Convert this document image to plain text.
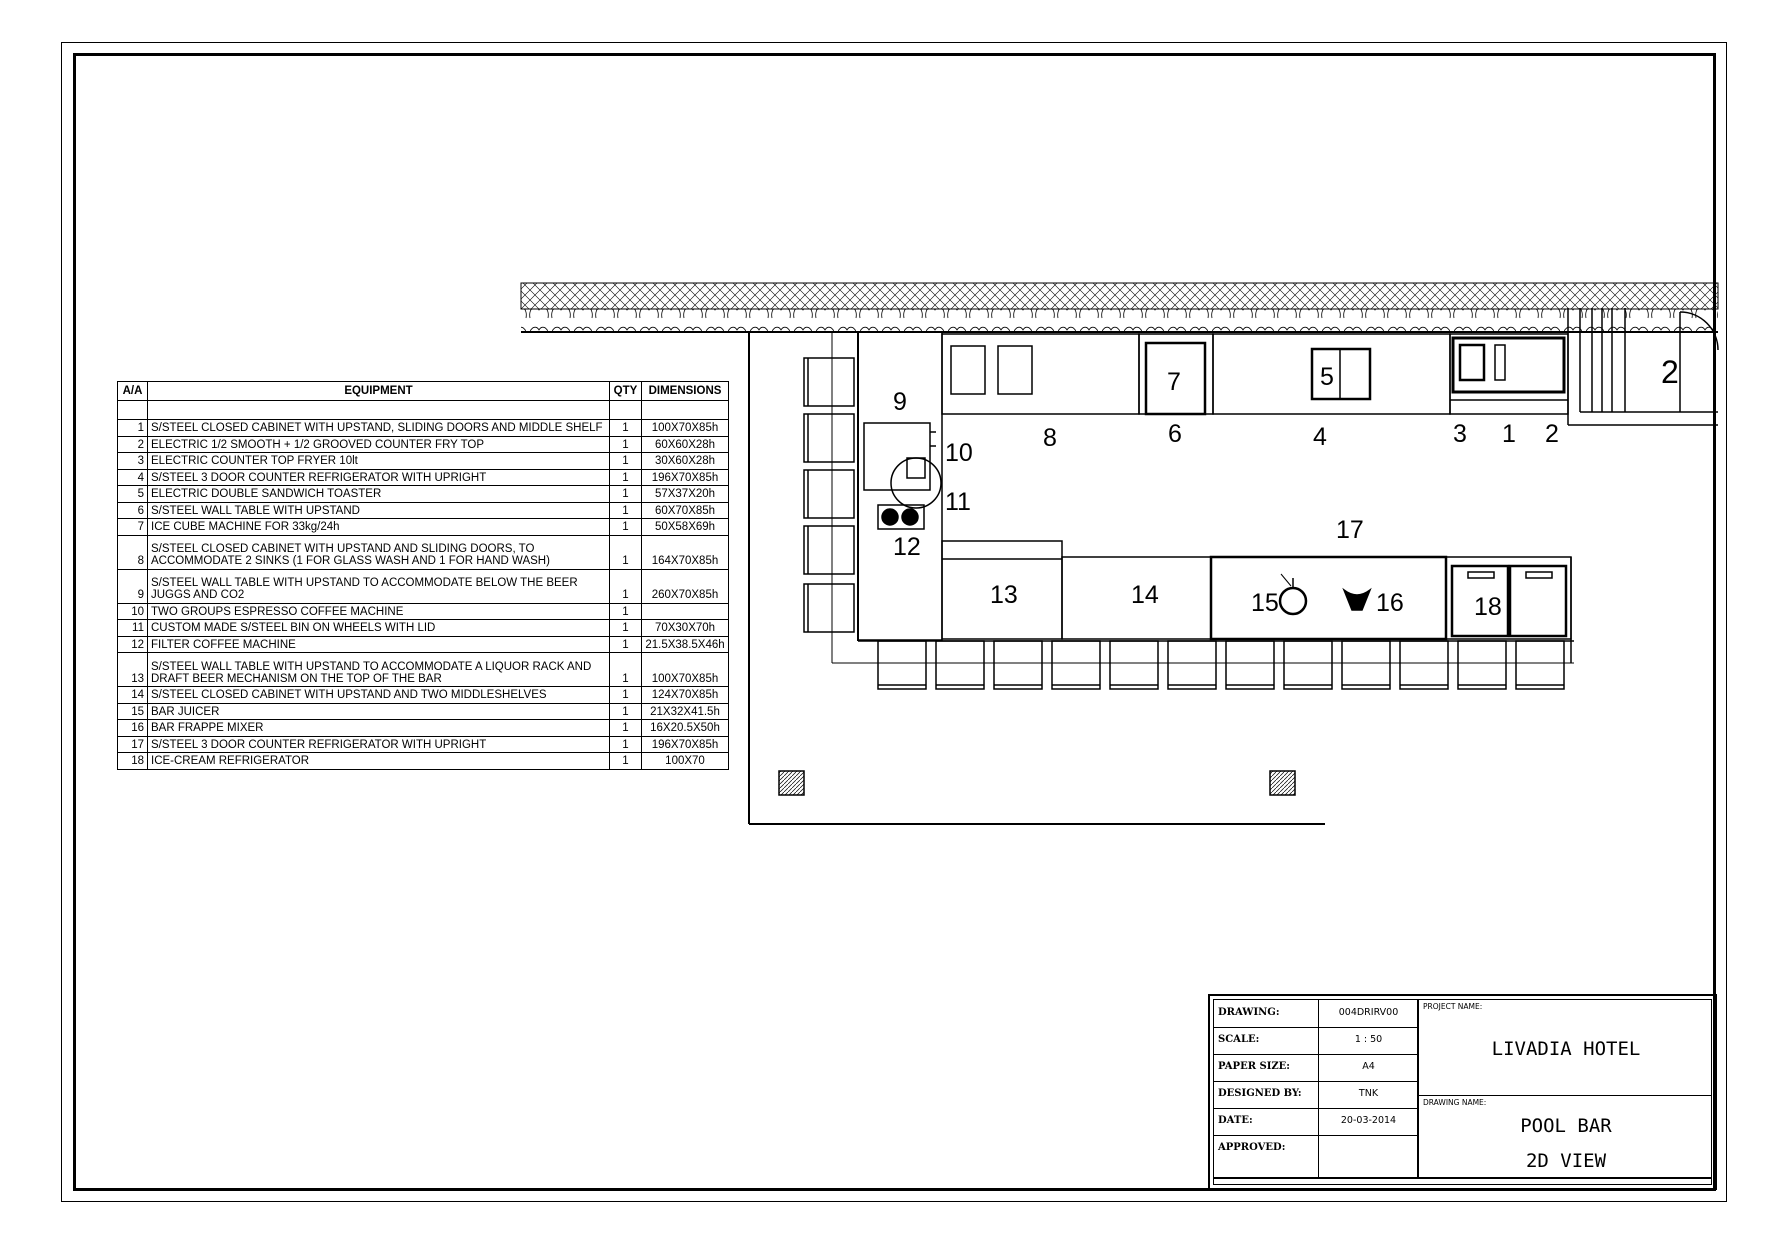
A/A	EQUIPMENT	QTY	DIMENSIONS

1	S/STEEL CLOSED CABINET WITH UPSTAND, SLIDING DOORS AND MIDDLE SHELF	1	100X70X85h
2	ELECTRIC 1/2 SMOOTH + 1/2 GROOVED COUNTER FRY TOP	1	60X60X28h
3	ELECTRIC COUNTER TOP FRYER 10lt	1	30X60X28h
4	S/STEEL 3 DOOR COUNTER REFRIGERATOR WITH UPRIGHT	1	196X70X85h
5	ELECTRIC DOUBLE SANDWICH TOASTER	1	57X37X20h
6	S/STEEL WALL TABLE WITH UPSTAND	1	60X70X85h
7	ICE CUBE MACHINE FOR 33kg/24h	1	50X58X69h
8	S/STEEL CLOSED CABINET WITH UPSTAND AND SLIDING DOORS, TO
ACCOMMODATE 2 SINKS (1 FOR GLASS WASH AND 1 FOR HAND WASH)	1	164X70X85h
9	S/STEEL WALL TABLE WITH UPSTAND TO ACCOMMODATE BELOW THE BEER
JUGGS AND CO2	1	260X70X85h
10	TWO GROUPS ESPRESSO COFFEE MACHINE	1	
11	CUSTOM MADE S/STEEL BIN ON WHEELS WITH LID	1	70X30X70h
12	FILTER COFFEE MACHINE	1	21.5X38.5X46h
13	S/STEEL WALL TABLE WITH UPSTAND TO ACCOMMODATE A LIQUOR RACK AND
DRAFT BEER MECHANISM ON THE TOP OF THE BAR	1	100X70X85h
14	S/STEEL CLOSED CABINET WITH UPSTAND AND TWO MIDDLESHELVES	1	124X70X85h
15	BAR JUICER	1	21X32X41.5h
16	BAR FRAPPE MIXER	1	16X20.5X50h
17	S/STEEL 3 DOOR COUNTER REFRIGERATOR WITH UPRIGHT	1	196X70X85h
18	ICE-CREAM REFRIGERATOR	1	100X70
1 2
2
3
4
5
6
7
8
9
10
11
12
13	14	15	16
17
18
DRAWING:	004DRIRV00
SCALE:	1 : 50
PAPER SIZE:	A4
DESIGNED BY:	TNK
DATE:	20-03-2014
APPROVED:
PROJECT NAME:
LIVADIA HOTEL
DRAWING NAME:
POOL BAR
2D VIEW
